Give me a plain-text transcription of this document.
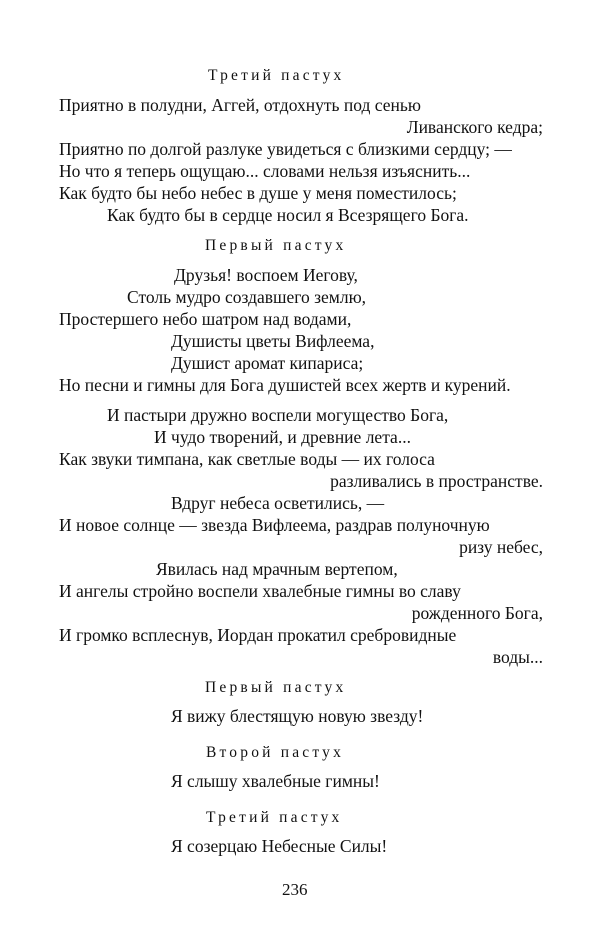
Третий пастух
Приятно в полудни, Аггей, отдохнуть под сенью
Ливанского кедра;
Приятно по долгой разлуке увидеться с близкими сердцу; —
Но что я теперь ощущаю... словами нельзя изъяснить...
Как будто бы небо небес в душе у меня поместилось;
Как будто бы в сердце носил я Всезрящего Бога.
Первый пастух
Друзья! воспоем Иегову,
Столь мудро создавшего землю,
Простершего небо шатром над водами,
Душисты цветы Вифлеема,
Душист аромат кипариса;
Но песни и гимны для Бога душистей всех жертв и курений.
И пастыри дружно воспели могущество Бога,
И чудо творений, и древние лета...
Как звуки тимпана, как светлые воды — их голоса
разливались в пространстве.
Вдруг небеса осветились, —
И новое солнце — звезда Вифлеема, раздрав полуночную
ризу небес,
Явилась над мрачным вертепом,
И ангелы стройно воспели хвалебные гимны во славу
рожденного Бога,
И громко всплеснув, Иордан прокатил сребровидные
воды...
Первый пастух
Я вижу блестящую новую звезду!
Второй пастух
Я слышу хвалебные гимны!
Третий пастух
Я созерцаю Небесные Силы!
236
